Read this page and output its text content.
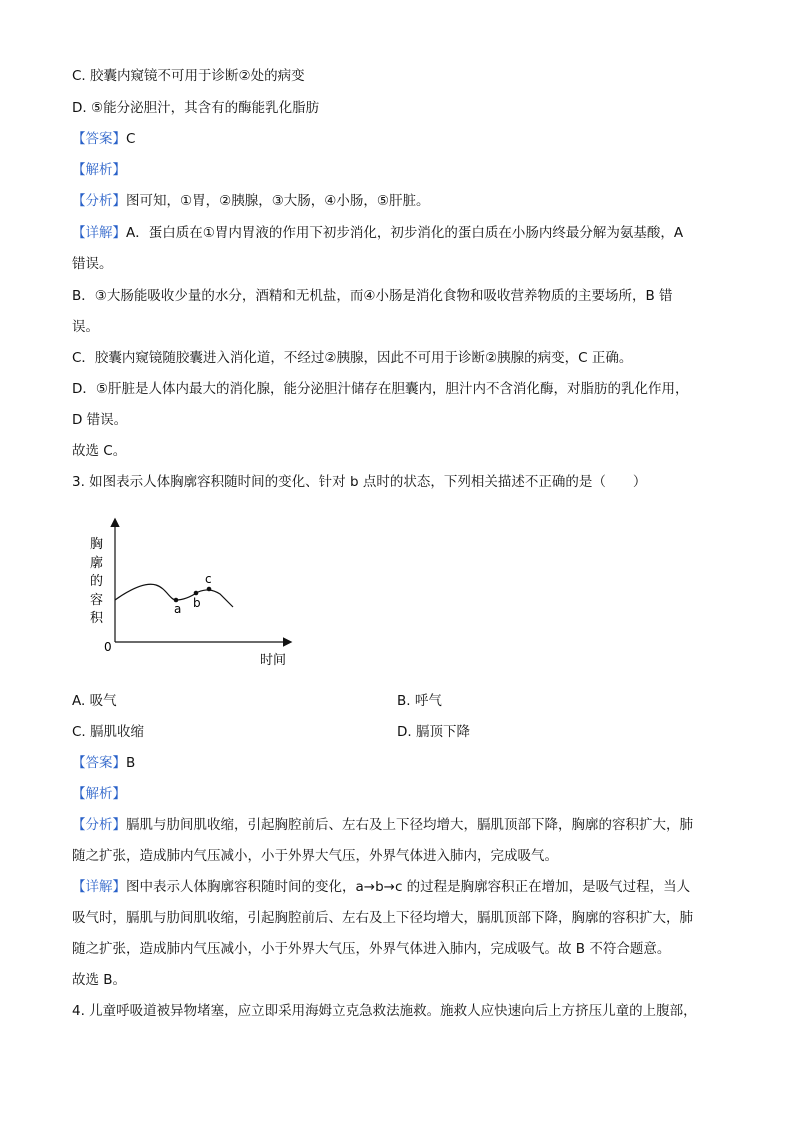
C. 胶囊内窥镜不可用于诊断②处的病变
D. ⑤能分泌胆汁，其含有的酶能乳化脂肪
【答案】C
【解析】
【分析】图可知，①胃，②胰腺，③大肠，④小肠，⑤肝脏。
【详解】A．蛋白质在①胃内胃液的作用下初步消化，初步消化的蛋白质在小肠内终最分解为氨基酸，A
错误。
B．③大肠能吸收少量的水分，酒精和无机盐，而④小肠是消化食物和吸收营养物质的主要场所，B 错
误。
C．胶囊内窥镜随胶囊进入消化道，不经过②胰腺，因此不可用于诊断②胰腺的病变，C 正确。
D．⑤肝脏是人体内最大的消化腺，能分泌胆汁储存在胆囊内，胆汁内不含消化酶，对脂肪的乳化作用，
D 错误。
故选 C。
3. 如图表示人体胸廓容积随时间的变化、针对 b 点时的状态，下列相关描述不正确的是（　　）
a b
c
胸
廓
的
容
积
0
时间
A. 吸气	B. 呼气
C. 膈肌收缩	D. 膈顶下降
【答案】B
【解析】
【分析】膈肌与肋间肌收缩，引起胸腔前后、左右及上下径均增大，膈肌顶部下降，胸廓的容积扩大，肺
随之扩张，造成肺内气压减小，小于外界大气压，外界气体进入肺内，完成吸气。
【详解】图中表示人体胸廓容积随时间的变化，a→b→c 的过程是胸廓容积正在增加，是吸气过程，当人
吸气时，膈肌与肋间肌收缩，引起胸腔前后、左右及上下径均增大，膈肌顶部下降，胸廓的容积扩大，肺
随之扩张，造成肺内气压减小，小于外界大气压，外界气体进入肺内，完成吸气。故 B 不符合题意。
故选 B。
4. 儿童呼吸道被异物堵塞，应立即采用海姆立克急救法施救。施救人应快速向后上方挤压儿童的上腹部，
